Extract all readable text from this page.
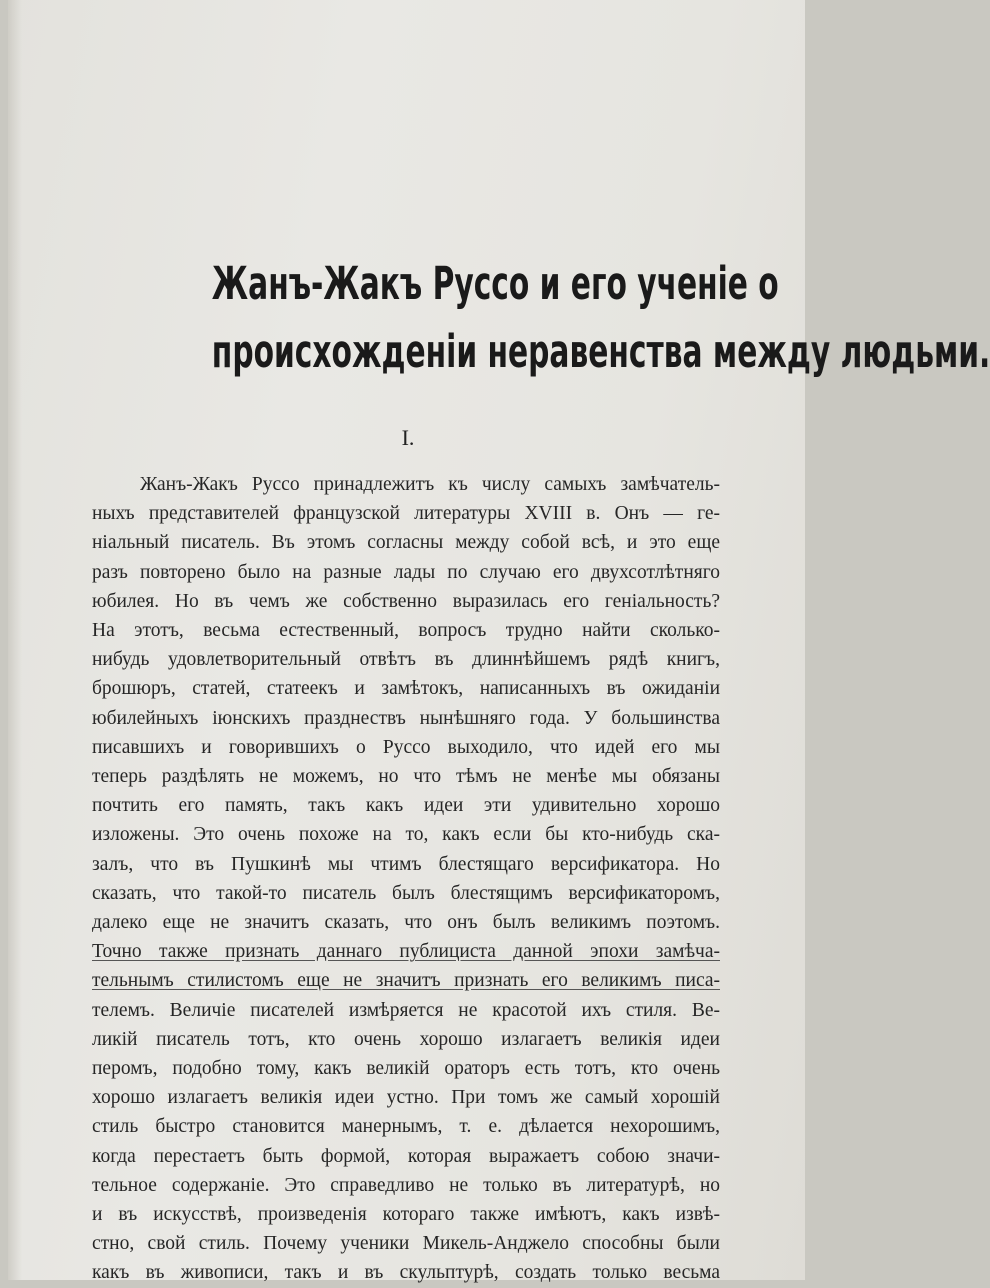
Жанъ-Жакъ Руссо и его ученіе о
происхожденіи неравенства между людьми.
I.
Жанъ-Жакъ Руссо принадлежитъ къ числу самыхъ замѣчатель-
ныхъ представителей французской литературы XVIII в. Онъ — ге-
ніальный писатель. Въ этомъ согласны между собой всѣ, и это еще
разъ повторено было на разные лады по случаю его двухсотлѣтняго
юбилея. Но въ чемъ же собственно выразилась его геніальность?
На этотъ, весьма естественный, вопросъ трудно найти сколько-
нибудь удовлетворительный отвѣтъ въ длиннѣйшемъ рядѣ книгъ,
брошюръ, статей, статеекъ и замѣтокъ, написанныхъ въ ожиданіи
юбилейныхъ іюнскихъ празднествъ нынѣшняго года. У большинства
писавшихъ и говорившихъ о Руссо выходило, что идей его мы
теперь раздѣлять не можемъ, но что тѣмъ не менѣе мы обязаны
почтить его память, такъ какъ идеи эти удивительно хорошо
изложены. Это очень похоже на то, какъ если бы кто-нибудь ска-
залъ, что въ Пушкинѣ мы чтимъ блестящаго версификатора. Но
сказать, что такой-то писатель былъ блестящимъ версификаторомъ,
далеко еще не значитъ сказать, что онъ былъ великимъ поэтомъ.
Точно также признать даннаго публициста данной эпохи замѣча-
тельнымъ стилистомъ еще не значитъ признать его великимъ писа-
телемъ. Величіе писателей измѣряется не красотой ихъ стиля. Ве-
ликій писатель тотъ, кто очень хорошо излагаетъ великія идеи
перомъ, подобно тому, какъ великій ораторъ есть тотъ, кто очень
хорошо излагаетъ великія идеи устно. При томъ же самый хорошій
стиль быстро становится манернымъ, т. е. дѣлается нехорошимъ,
когда перестаетъ быть формой, которая выражаетъ собою значи-
тельное содержаніе. Это справедливо не только въ литературѣ, но
и въ искусствѣ, произведенія котораго также имѣютъ, какъ извѣ-
стно, свой стиль. Почему ученики Микель-Анджело способны были
какъ въ живописи, такъ и въ скульптурѣ, создать только весьма
